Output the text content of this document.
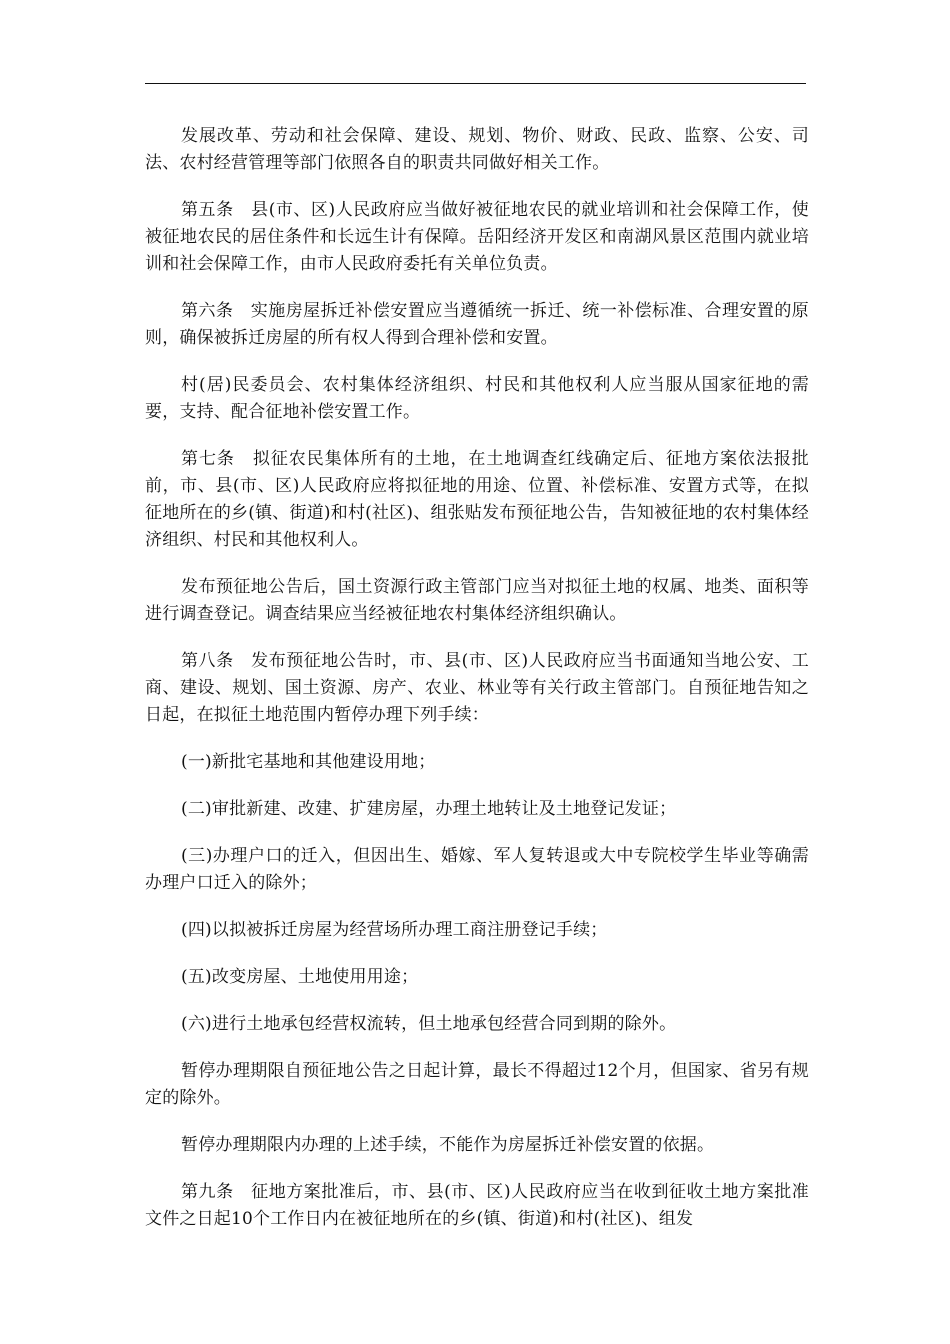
发展改革、劳动和社会保障、建设、规划、物价、财政、民政、监察、公安、司法、农村经营管理等部门依照各自的职责共同做好相关工作。

第五条　县(市、区)人民政府应当做好被征地农民的就业培训和社会保障工作，使被征地农民的居住条件和长远生计有保障。岳阳经济开发区和南湖风景区范围内就业培训和社会保障工作，由市人民政府委托有关单位负责。

第六条　实施房屋拆迁补偿安置应当遵循统一拆迁、统一补偿标准、合理安置的原则，确保被拆迁房屋的所有权人得到合理补偿和安置。

村(居)民委员会、农村集体经济组织、村民和其他权利人应当服从国家征地的需要，支持、配合征地补偿安置工作。

第七条　拟征农民集体所有的土地，在土地调查红线确定后、征地方案依法报批前，市、县(市、区)人民政府应将拟征地的用途、位置、补偿标准、安置方式等，在拟征地所在的乡(镇、街道)和村(社区)、组张贴发布预征地公告，告知被征地的农村集体经济组织、村民和其他权利人。

发布预征地公告后，国土资源行政主管部门应当对拟征土地的权属、地类、面积等进行调查登记。调查结果应当经被征地农村集体经济组织确认。

第八条　发布预征地公告时，市、县(市、区)人民政府应当书面通知当地公安、工商、建设、规划、国土资源、房产、农业、林业等有关行政主管部门。自预征地告知之日起，在拟征土地范围内暂停办理下列手续：

(一)新批宅基地和其他建设用地；

(二)审批新建、改建、扩建房屋，办理土地转让及土地登记发证；

(三)办理户口的迁入，但因出生、婚嫁、军人复转退或大中专院校学生毕业等确需办理户口迁入的除外；

(四)以拟被拆迁房屋为经营场所办理工商注册登记手续；

(五)改变房屋、土地使用用途；

(六)进行土地承包经营权流转，但土地承包经营合同到期的除外。

暂停办理期限自预征地公告之日起计算，最长不得超过12个月，但国家、省另有规定的除外。

暂停办理期限内办理的上述手续，不能作为房屋拆迁补偿安置的依据。

第九条　征地方案批准后，市、县(市、区)人民政府应当在收到征收土地方案批准文件之日起10个工作日内在被征地所在的乡(镇、街道)和村(社区)、组发
